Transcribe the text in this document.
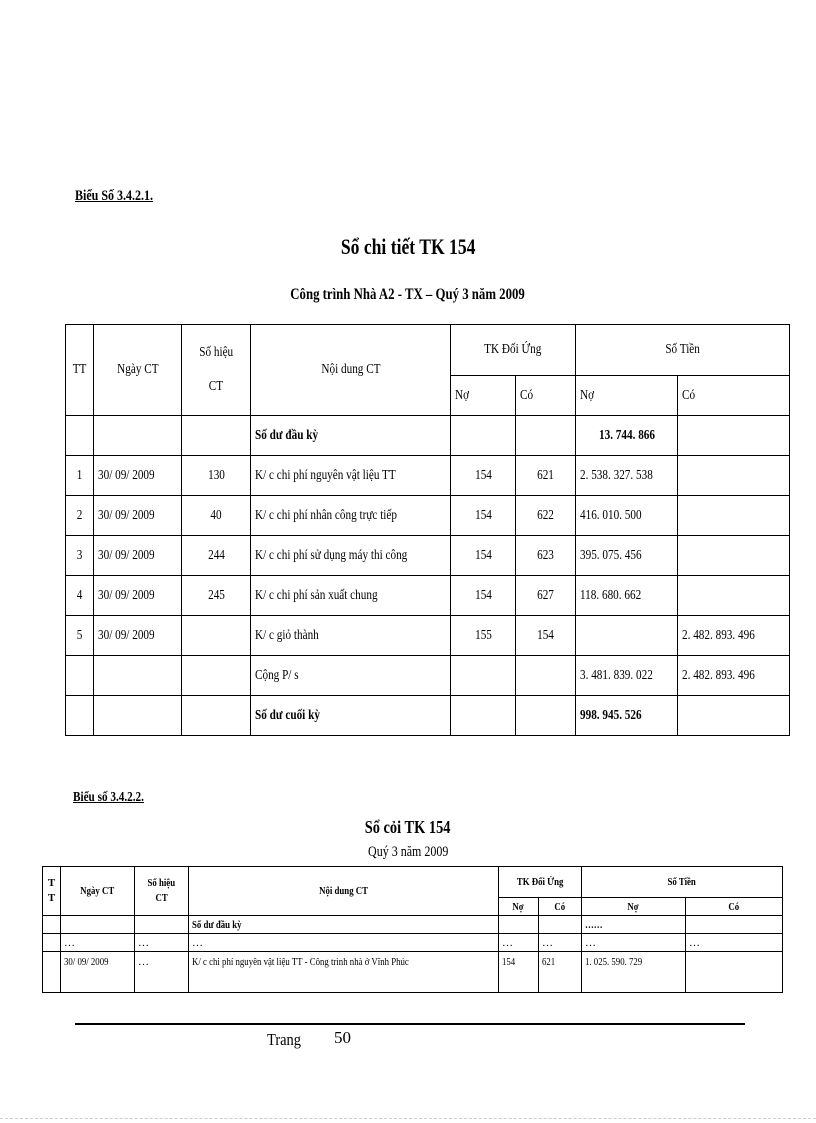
Biểu Số 3.4.2.1.
Sổ chi tiết TK 154
Công trình Nhà A2 - TX – Quý 3 năm 2009
TT	Ngày CT	Số hiệu
CT	Nội dung CT	TK Đối Ứng		Số Tiền	
				Nợ	Có	Nợ	Có
			Số dư đầu kỳ			13. 744. 866	
1	30/ 09/ 2009	130	K/ c chi phí nguyên vật liệu TT	154	621	2. 538. 327. 538	
2	30/ 09/ 2009	40	K/ c chi phí nhân công trực tiếp	154	622	416. 010. 500	
3	30/ 09/ 2009	244	K/ c chi phí sử dụng máy thi công	154	623	395. 075. 456	
4	30/ 09/ 2009	245	K/ c chi phí sản xuất chung	154	627	118. 680. 662	
5	30/ 09/ 2009		K/ c giỏ thành	155	154		2. 482. 893. 496
			Cộng P/ s			3. 481. 839. 022	2. 482. 893. 496
			Số dư cuối kỳ			998. 945. 526	
Biểu số 3.4.2.2.
Sổ cỏi TK 154
Quý 3 năm 2009
T
T	Ngày CT	Số hiệu
CT	Nội dung CT	TK Đối Ứng		Số Tiền	
				Nợ	Có	Nợ	Có
			Số dư đầu kỳ			……	
	…	…	…	…	…	…	…
	30/ 09/ 2009	…	K/ c chi phí nguyên vật liệu TT - Công trình nhà ở Vĩnh Phúc	154	621	1. 025. 590. 729	
Trang 50
